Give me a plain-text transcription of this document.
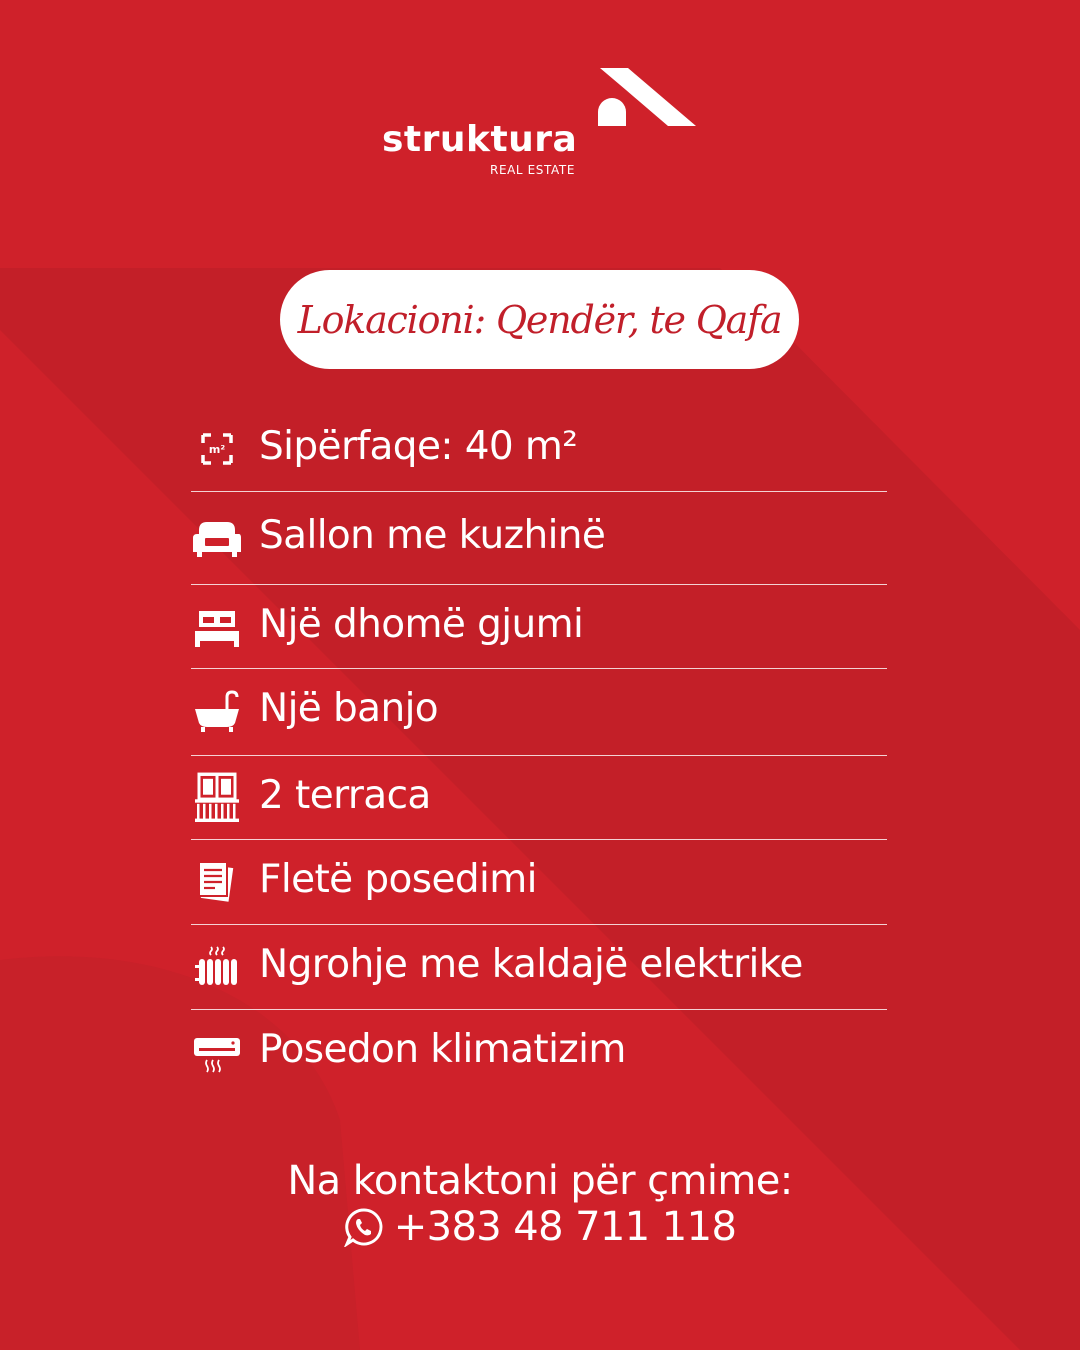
struktura
REAL ESTATE
Lokacioni: Qendër, te Qafa
m² Sipërfaqe: 40 m²
Sallon me kuzhinë
Një dhomë gjumi
Një banjo
2 terraca
Fletë posedimi
Ngrohje me kaldajë elektrike
Posedon klimatizim
Na kontaktoni për çmime:
+383 48 711 118
